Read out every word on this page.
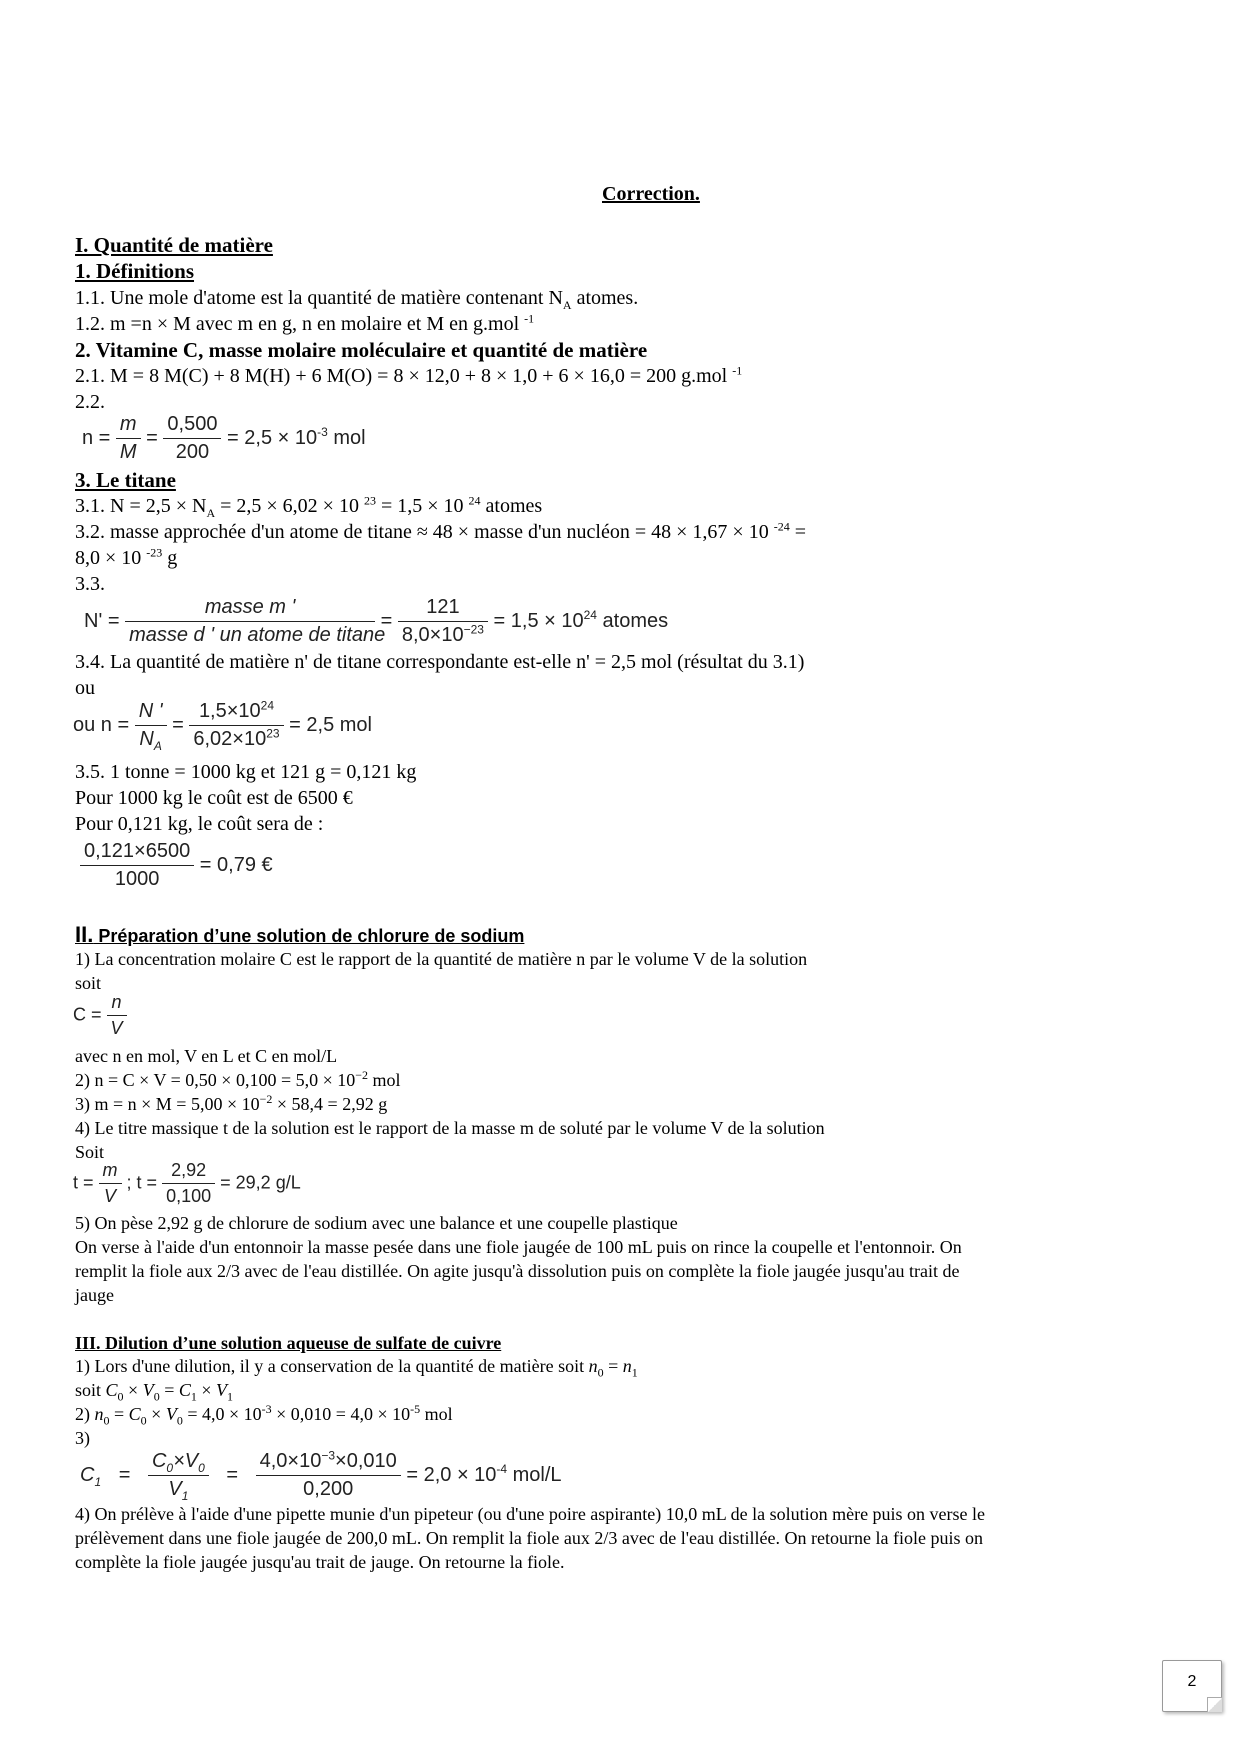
Correction.
I. Quantité de matière
1. Définitions
1.1. Une mole d'atome est la quantité de matière contenant $N_A$ atomes.
1.2. m =n × M avec m en g, n en molaire et M en g.mol $^{-1}$
2. Vitamine C, masse molaire moléculaire et quantité de matière
2.1. M = 8 M(C) + 8 M(H) + 6 M(O) = 8 × 12,0 + 8 × 1,0 + 6 × 16,0 = 200 g.mol $^{-1}$
2.2.
$n = \frac{m}{M} = \frac{0,500}{200} = 2,5 \times 10^{-3}$ mol
3. Le titane
3.1. $N = 2,5 \times N_A = 2,5 \times 6,02 \times 10$ $^{23}$ = 1,5 × 10 $^{24}$ atomes
3.2. masse approchée d'un atome de titane ≈ 48 × masse d'un nucléon = 48 × 1,67 × 10 $^{-24}$ =
8,0 × 10 $^{-23}$ g
3.3.
$N' = \frac{\text{masse m '}}{\text{masse d ' un atome de titane}} = \frac{121}{8,0\times 10^{-23}} = 1,5 \times 10^{24}$ atomes
3.4. La quantité de matière n' de titane correspondante est-elle n' = 2,5 mol (résultat du 3.1)
ou
ou $n = \frac{N '}{N_A} = \frac{1,5\times 10^{24}}{6,02\times 10^{23}} = 2,5$ mol
3.5. 1 tonne = 1000 kg et 121 g = 0,121 kg
Pour 1000 kg le coût est de 6500 €
Pour 0,121 kg, le coût sera de :
$\frac{0,121\times 6500}{1000} = 0,79$ €
II. Préparation d’une solution de chlorure de sodium
1) La concentration molaire C est le rapport de la quantité de matière n par le volume V de la solution
soit
$C = \frac{n}{V}$
avec n en mol, V en L et C en mol/L
2) $n = C \times V = 0,50 \times 0,100 = 5,0 \times 10^{-2}$ mol
3) $m = n \times M = 5,00 \times 10^{-2} \times 58,4 = 2,92$ g
4) Le titre massique t de la solution est le rapport de la masse m de soluté par le volume V de la solution
Soit
$t = \frac{m}{V}$ ; $t = \frac{2,92}{0,100} = 29,2$ g/L
5) On pèse 2,92 g de chlorure de sodium avec une balance et une coupelle plastique
On verse à l'aide d'un entonnoir la masse pesée dans une fiole jaugée de 100 mL puis on rince la coupelle et l'entonnoir. On
remplit la fiole aux 2/3 avec de l'eau distillée. On agite jusqu'à dissolution puis on complète la fiole jaugée jusqu'au trait de
jauge
III. Dilution d’une solution aqueuse de sulfate de cuivre
1) Lors d'une dilution, il y a conservation de la quantité de matière soit $n_0 = n_1$
soit $C_0 \times V_0 = C_1 \times V_1$
2) $n_0 = C_0 \times V_0 = 4,0 \times 10^{-3} \times 0,010 = 4,0 \times 10^{-5}$ mol
3)
$C_1 = \frac{C_0\times V_0}{V_1} = \frac{4,0\times 10^{-3}\times 0,010}{0,200} = 2,0 \times 10^{-4}$ mol/L
4) On prélève à l'aide d'une pipette munie d'un pipeteur (ou d'une poire aspirante) 10,0 mL de la solution mère puis on verse le
prélèvement dans une fiole jaugée de 200,0 mL. On remplit la fiole aux 2/3 avec de l'eau distillée. On retourne la fiole puis on
complète la fiole jaugée jusqu'au trait de jauge. On retourne la fiole.
2
